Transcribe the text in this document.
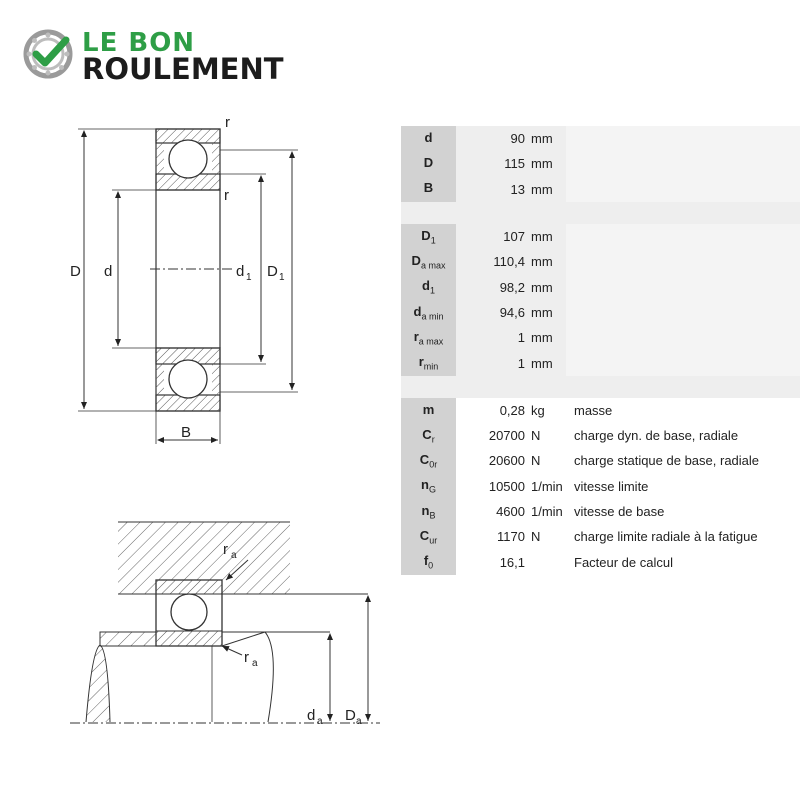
LE BON
ROULEMENT
D d	d 1 D 1
B
r
r
r a
r a
d a D a
d	90 mm	
D	115 mm	
B	13 mm	

$D_1$	107 mm	
$D_{a max}$	110,4 mm	
$d_1$	98,2 mm	
$d_{a min}$	94,6 mm	
$r_{a max}$	1 mm	
$r_{min}$	1 mm	

m	0,28 kg	masse
$C_r$	20700 N	charge dyn. de base, radiale
$C_{0r}$	20600 N	charge statique de base, radiale
$n_G$	10500 1/min	vitesse limite
$n_B$	4600 1/min	vitesse de base
$C_{ur}$	1170 N	charge limite radiale à la fatigue
$f_0$	16,1	Facteur de calcul
